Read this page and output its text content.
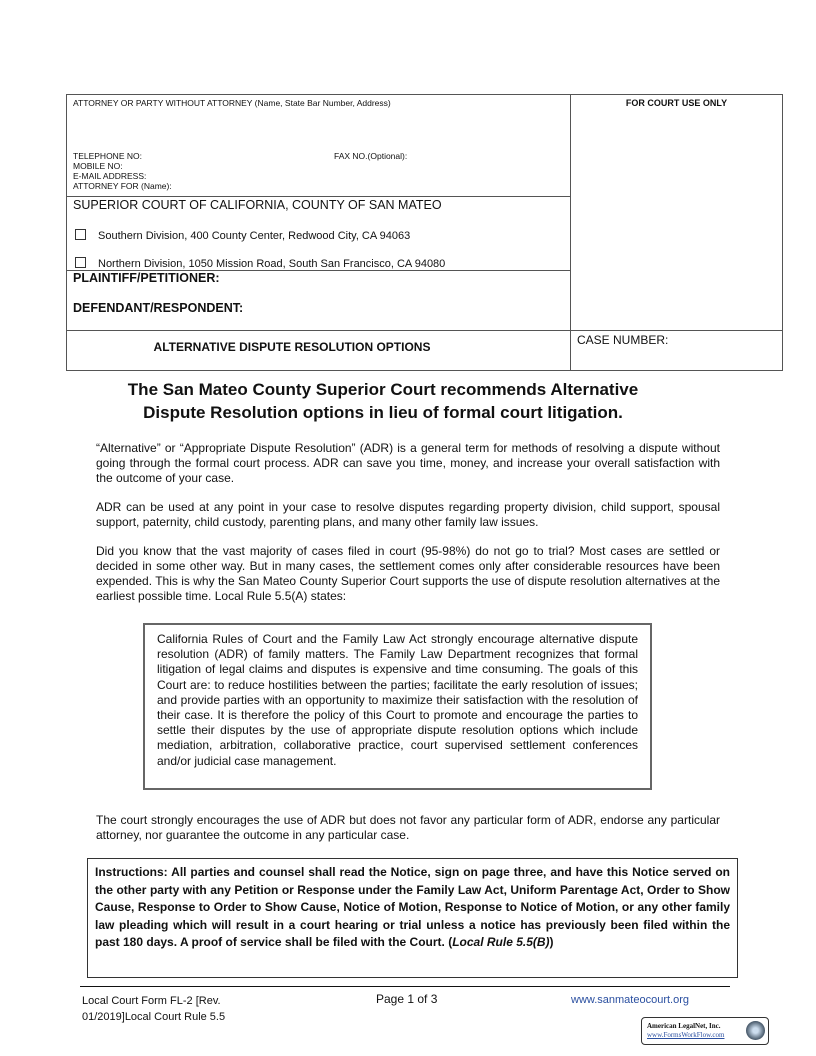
ATTORNEY OR PARTY WITHOUT ATTORNEY (Name, State Bar Number, Address)
TELEPHONE NO:	FAX NO.(Optional):
MOBILE NO:
E-MAIL ADDRESS:
ATTORNEY FOR (Name):
FOR COURT USE ONLY
SUPERIOR COURT OF CALIFORNIA, COUNTY OF SAN MATEO
Southern Division, 400 County Center, Redwood City, CA 94063
Northern Division, 1050 Mission Road, South San Francisco, CA 94080
PLAINTIFF/PETITIONER:
DEFENDANT/RESPONDENT:
ALTERNATIVE DISPUTE RESOLUTION OPTIONS	CASE NUMBER:
The San Mateo County Superior Court recommends Alternative
Dispute Resolution options in lieu of formal court litigation.
“Alternative” or “Appropriate Dispute Resolution” (ADR) is a general term for methods of resolving a dispute without going through the formal court process. ADR can save you time, money, and increase your overall satisfaction with the outcome of your case.
ADR can be used at any point in your case to resolve disputes regarding property division, child support, spousal support, paternity, child custody, parenting plans, and many other family law issues.
Did you know that the vast majority of cases filed in court (95-98%) do not go to trial? Most cases are settled or decided in some other way. But in many cases, the settlement comes only after considerable resources have been expended. This is why the San Mateo County Superior Court supports the use of dispute resolution alternatives at the earliest possible time. Local Rule 5.5(A) states:
California Rules of Court and the Family Law Act strongly encourage alternative dispute resolution (ADR) of family matters. The Family Law Department recognizes that formal litigation of legal claims and disputes is expensive and time consuming. The goals of this Court are: to reduce hostilities between the parties; facilitate the early resolution of issues; and provide parties with an opportunity to maximize their satisfaction with the resolution of their case. It is therefore the policy of this Court to promote and encourage the parties to settle their disputes by the use of appropriate dispute resolution options which include mediation, arbitration, collaborative practice, court supervised settlement conferences and/or judicial case management.
The court strongly encourages the use of ADR but does not favor any particular form of ADR, endorse any particular attorney, nor guarantee the outcome in any particular case.
Instructions: All parties and counsel shall read the Notice, sign on page three, and have this Notice served on the other party with any Petition or Response under the Family Law Act, Uniform Parentage Act, Order to Show Cause, Response to Order to Show Cause, Notice of Motion, Response to Notice of Motion, or any other family law pleading which will result in a court hearing or trial unless a notice has previously been filed within the past 180 days. A proof of service shall be filed with the Court. (Local Rule 5.5(B))
Local Court Form FL-2 [Rev. 01/2019]Local Court Rule 5.5
Page 1 of 3	www.sanmateocourt.org
American LegalNet, Inc.
www.FormsWorkFlow.com
